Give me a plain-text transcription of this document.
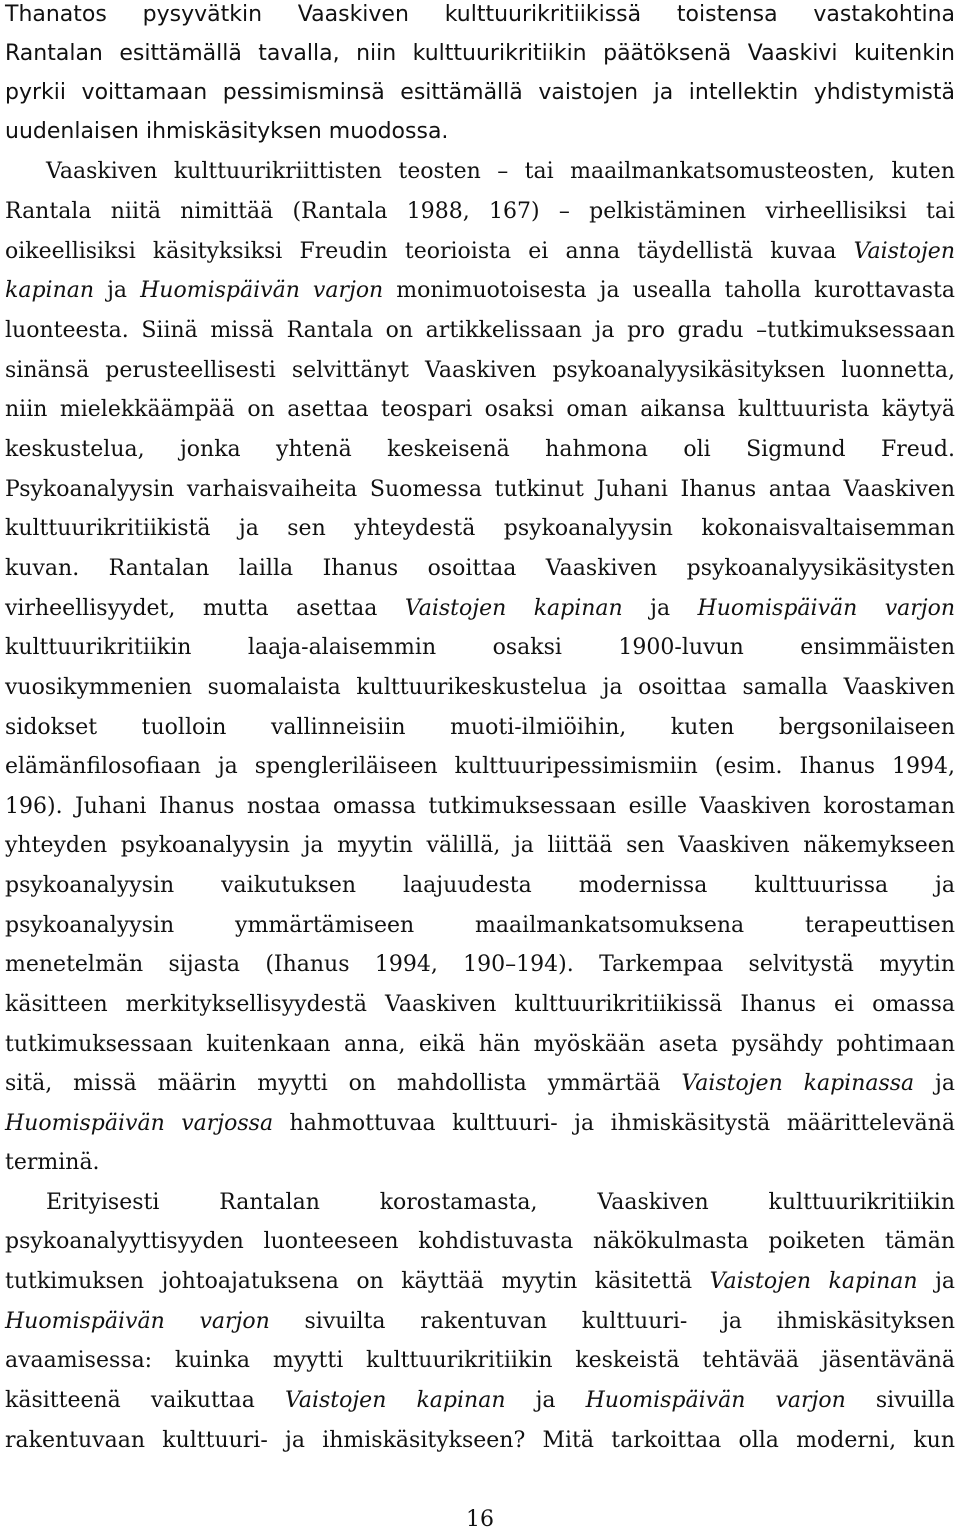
Thanatos pysyvätkin Vaaskiven kulttuurikritiikissä toistensa vastakohtina
Rantalan esittämällä tavalla, niin kulttuurikritiikin päätöksenä Vaaskivi kuitenkin
pyrkii voittamaan pessimisminsä esittämällä vaistojen ja intellektin yhdistymistä
uudenlaisen ihmiskäsityksen muodossa.
Vaaskiven kulttuurikriittisten teosten – tai maailmankatsomusteosten, kuten
Rantala niitä nimittää (Rantala 1988, 167) – pelkistäminen virheellisiksi tai
oikeellisiksi käsityksiksi Freudin teorioista ei anna täydellistä kuvaa Vaistojen
kapinan ja Huomispäivän varjon monimuotoisesta ja usealla taholla kurottavasta
luonteesta. Siinä missä Rantala on artikkelissaan ja pro gradu –tutkimuksessaan
sinänsä perusteellisesti selvittänyt Vaaskiven psykoanalyysikäsityksen luonnetta,
niin mielekkäämpää on asettaa teospari osaksi oman aikansa kulttuurista käytyä
keskustelua, jonka yhtenä keskeisenä hahmona oli Sigmund Freud.
Psykoanalyysin varhaisvaiheita Suomessa tutkinut Juhani Ihanus antaa Vaaskiven
kulttuurikritiikistä ja sen yhteydestä psykoanalyysin kokonaisvaltaisemman
kuvan. Rantalan lailla Ihanus osoittaa Vaaskiven psykoanalyysikäsitysten
virheellisyydet, mutta asettaa Vaistojen kapinan ja Huomispäivän varjon
kulttuurikritiikin laaja-alaisemmin osaksi 1900-luvun ensimmäisten
vuosikymmenien suomalaista kulttuurikeskustelua ja osoittaa samalla Vaaskiven
sidokset tuolloin vallinneisiin muoti-ilmiöihin, kuten bergsonilaiseen
elämänfilosofiaan ja spengleriläiseen kulttuuripessimismiin (esim. Ihanus 1994,
196). Juhani Ihanus nostaa omassa tutkimuksessaan esille Vaaskiven korostaman
yhteyden psykoanalyysin ja myytin välillä, ja liittää sen Vaaskiven näkemykseen
psykoanalyysin vaikutuksen laajuudesta modernissa kulttuurissa ja
psykoanalyysin ymmärtämiseen maailmankatsomuksena terapeuttisen
menetelmän sijasta (Ihanus 1994, 190–194). Tarkempaa selvitystä myytin
käsitteen merkityksellisyydestä Vaaskiven kulttuurikritiikissä Ihanus ei omassa
tutkimuksessaan kuitenkaan anna, eikä hän myöskään aseta pysähdy pohtimaan
sitä, missä määrin myytti on mahdollista ymmärtää Vaistojen kapinassa ja
Huomispäivän varjossa hahmottuvaa kulttuuri- ja ihmiskäsitystä määrittelevänä
terminä.
Erityisesti Rantalan korostamasta, Vaaskiven kulttuurikritiikin
psykoanalyyttisyyden luonteeseen kohdistuvasta näkökulmasta poiketen tämän
tutkimuksen johtoajatuksena on käyttää myytin käsitettä Vaistojen kapinan ja
Huomispäivän varjon sivuilta rakentuvan kulttuuri- ja ihmiskäsityksen
avaamisessa: kuinka myytti kulttuurikritiikin keskeistä tehtävää jäsentävänä
käsitteenä vaikuttaa Vaistojen kapinan ja Huomispäivän varjon sivuilla
rakentuvaan kulttuuri- ja ihmiskäsitykseen? Mitä tarkoittaa olla moderni, kun
16
